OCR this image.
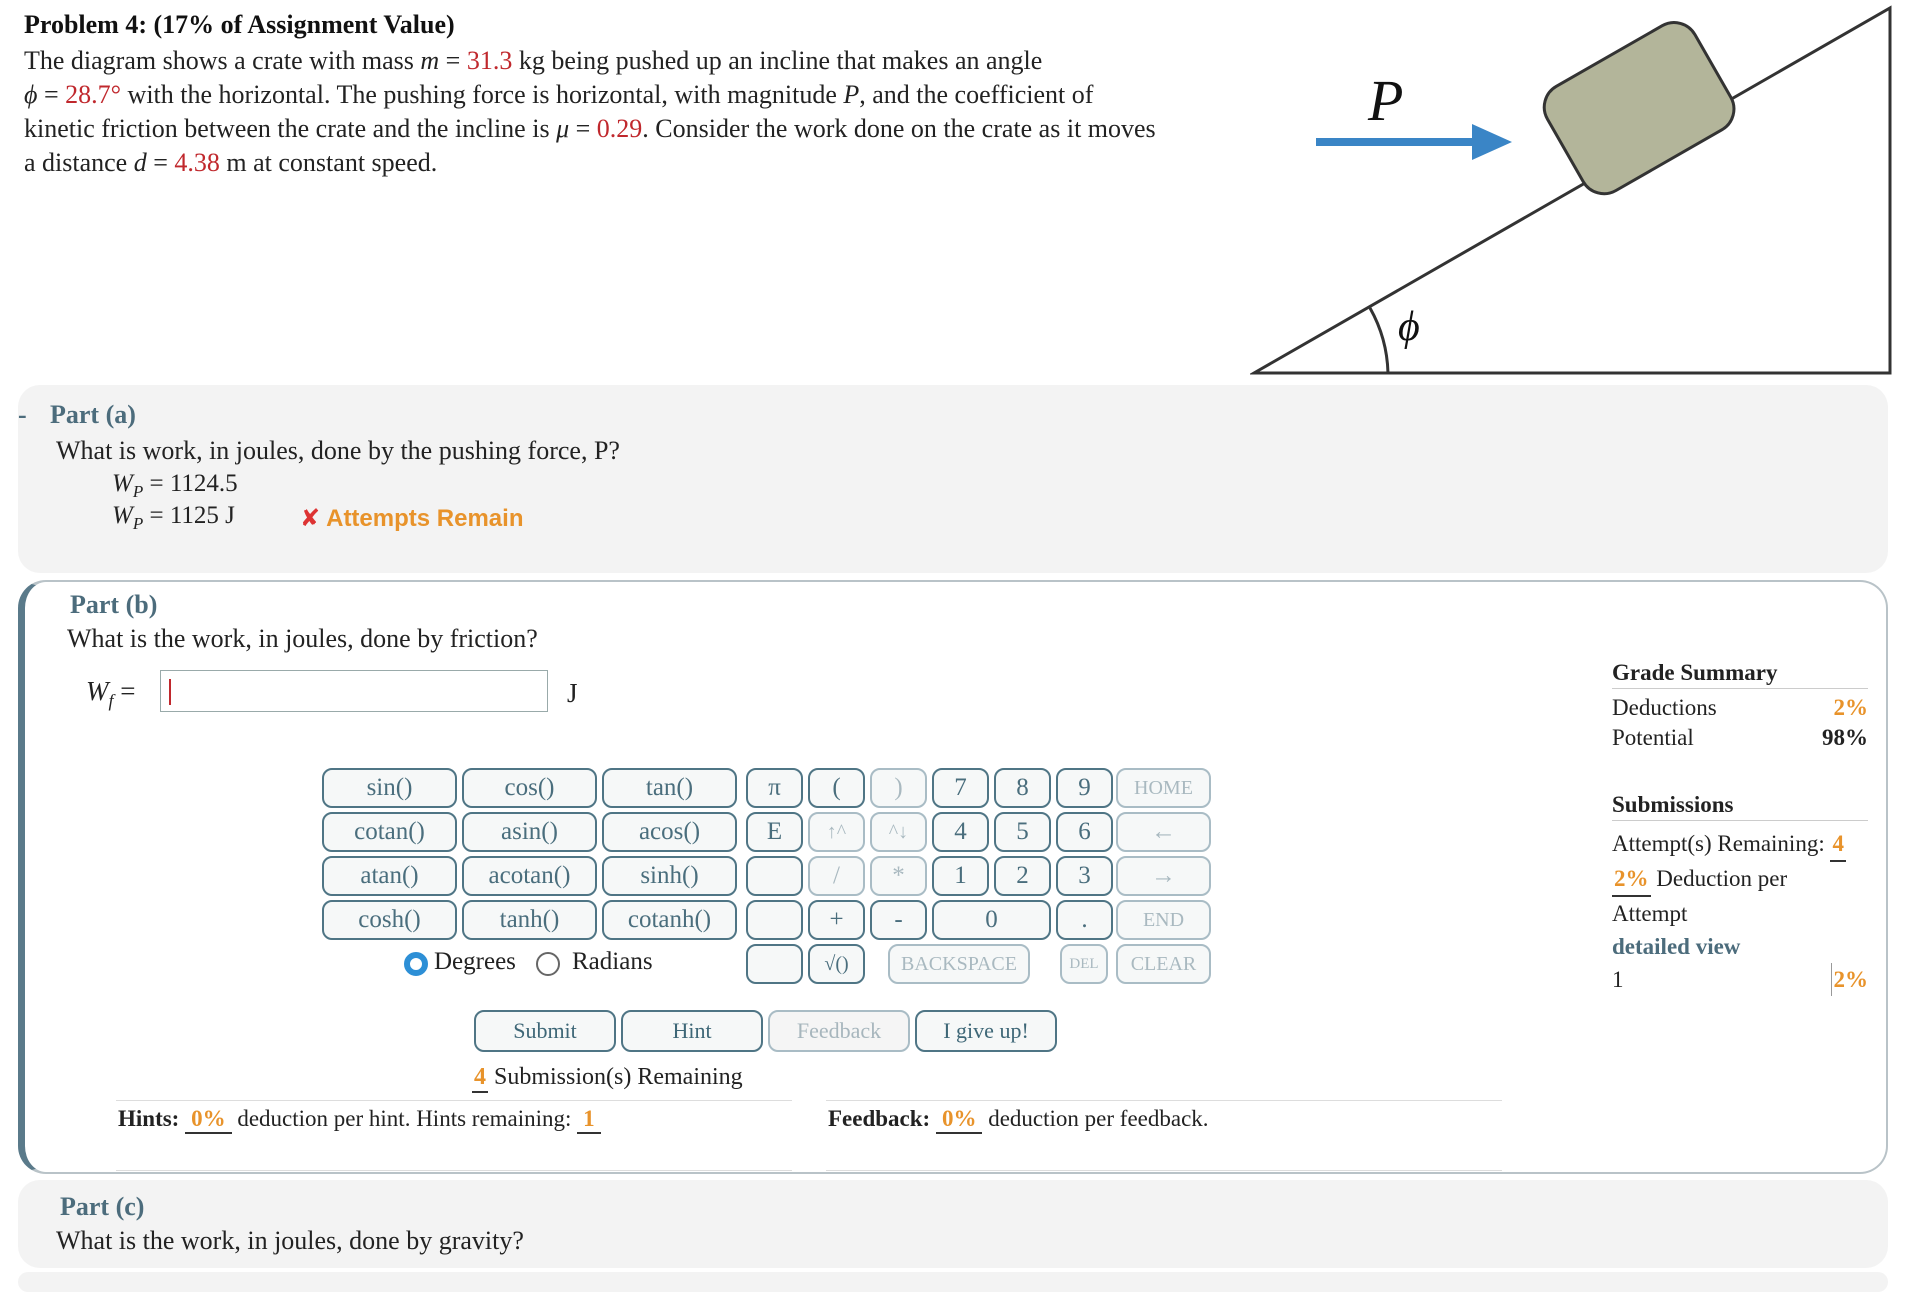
Problem 4: (17% of Assignment Value)

The diagram shows a crate with mass m = 31.3 kg being pushed up an incline that makes an angle

ϕ = 28.7° with the horizontal. The pushing force is horizontal, with magnitude P, and the coefficient of

kinetic friction between the crate and the incline is μ = 0.29. Consider the work done on the crate as it moves

a distance d = 4.38 m at constant speed.

P
ϕ
- Part (a)
What is work, in joules, done by the pushing force, P?
$W_P = 1124.5$
$W_P = 1125$ J	✘ Attempts Remain
Part (b)
What is the work, in joules, done by friction?
$W_f$ =	J
sin()	cos()	tan()
cotan()	asin()	acos()
atan()	acotan()	sinh()
cosh()	tanh()	cotanh()
π
E
(	)
↑^	^↓
/	*
+	-
√()
7	8	9
4	5	6
1	2	3
0	.
BACKSPACE	DEL
HOME
←
→
END
CLEAR
Degrees Radians
Submit	Hint	Feedback	I give up!
4 Submission(s) Remaining
Hints: 0% deduction per hint. Hints remaining: 1	Feedback: 0% deduction per feedback.
Grade Summary
Deductions	2%
Potential	98%
Submissions
Attempt(s) Remaining: 4
2% Deduction per
Attempt
detailed view
1	2%
Part (c)
What is the work, in joules, done by gravity?
